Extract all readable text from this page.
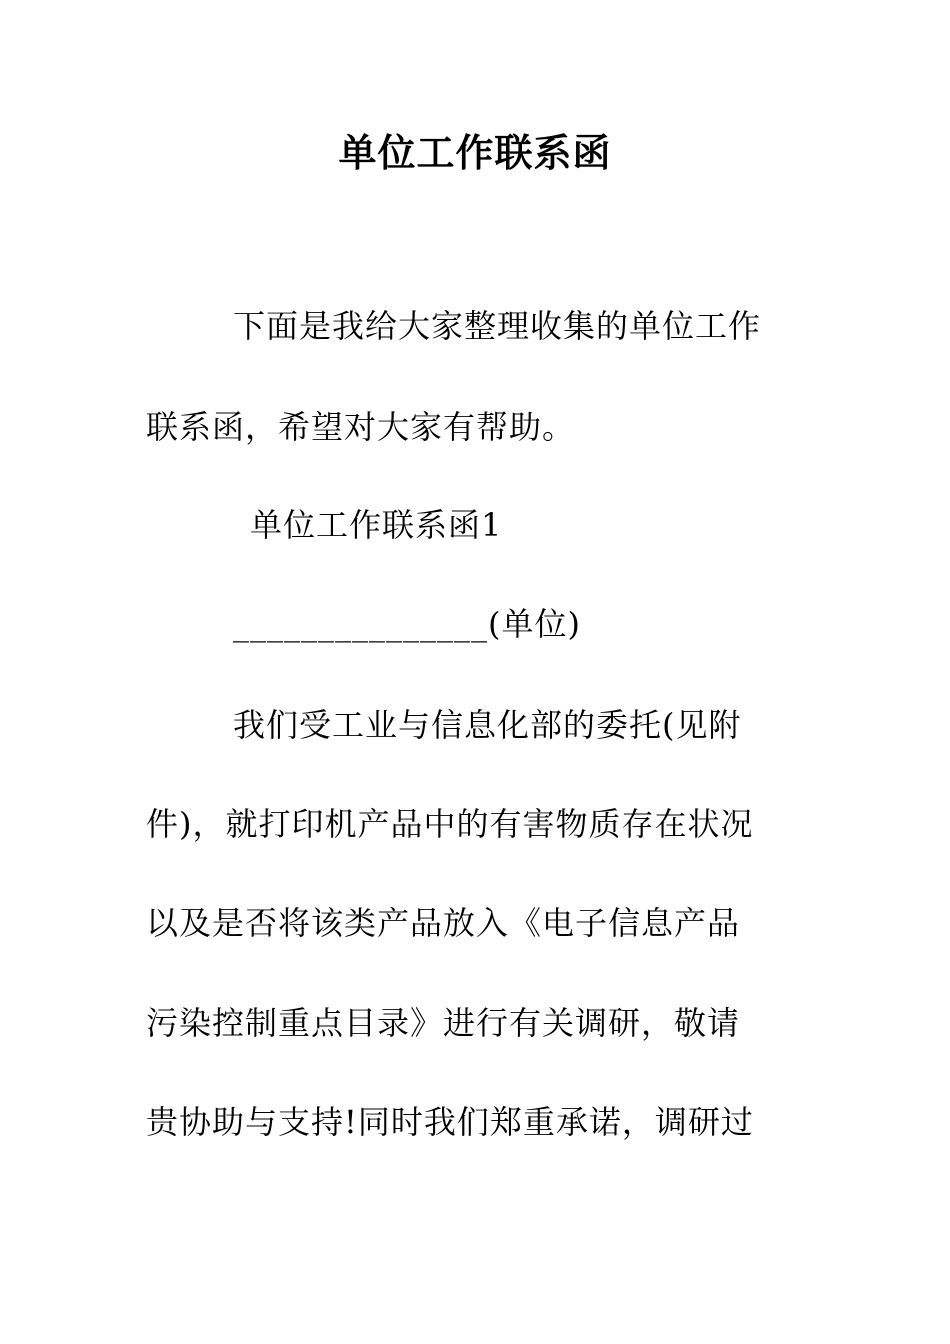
单位工作联系函
下面是我给大家整理收集的单位工作
联系函，希望对大家有帮助。
单位工作联系函1
_______________(单位)
我们受工业与信息化部的委托(见附
件)，就打印机产品中的有害物质存在状况
以及是否将该类产品放入《电子信息产品
污染控制重点目录》进行有关调研，敬请
贵协助与支持!同时我们郑重承诺，调研过
